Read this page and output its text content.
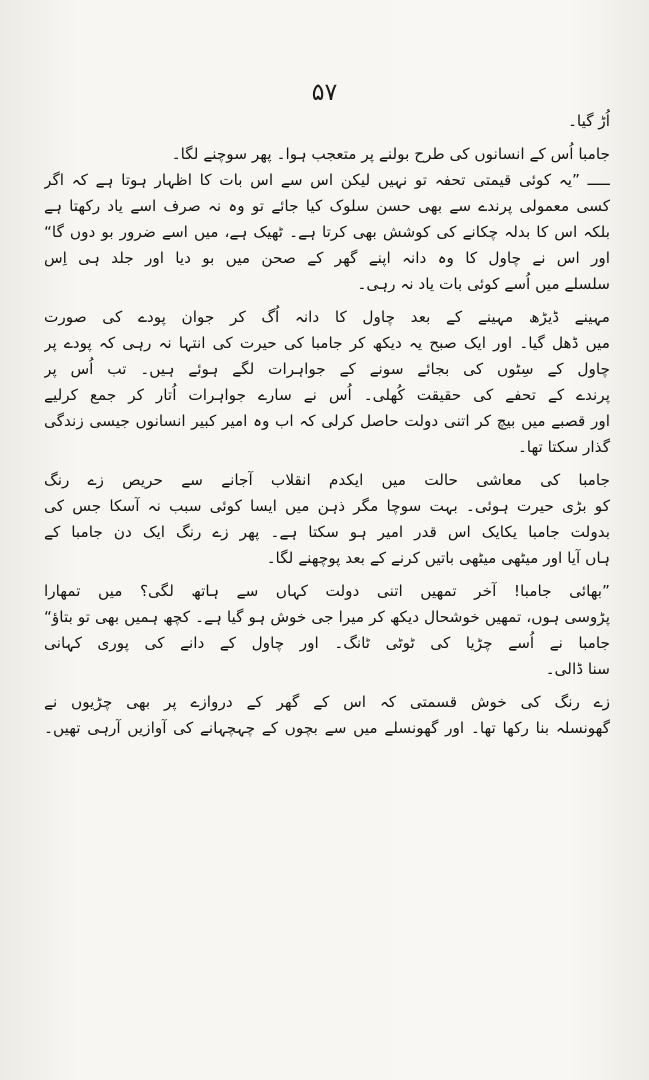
۵۷
اُڑ گیا۔
جامبا اُس کے انسانوں کی طرح بولنے پر متعجب ہوا۔ پھر سوچنے لگا۔
ـــــ ”یہ کوئی قیمتی تحفہ تو نہیں لیکن اس سے اس بات کا اظہار ہوتا ہے کہ اگر
کسی معمولی پرندے سے بھی حسن سلوک کیا جائے تو وہ نہ صرف اسے یاد رکھتا ہے
بلکہ اس کا بدلہ چکانے کی کوشش بھی کرتا ہے۔ ٹھیک ہے، میں اسے ضرور بو دوں گا“
اور اس نے چاول کا وہ دانہ اپنے گھر کے صحن میں بو دیا اور جلد ہی اِس
سلسلے میں اُسے کوئی بات یاد نہ رہی۔
مہینے ڈیڑھ مہینے کے بعد چاول کا دانہ اُگ کر جوان پودے کی صورت
میں ڈھل گیا۔ اور ایک صبح یہ دیکھ کر جامبا کی حیرت کی انتہا نہ رہی کہ پودے پر
چاول کے سِٹوں کی بجائے سونے کے جواہرات لگے ہوئے ہیں۔ تب اُس پر
پرندے کے تحفے کی حقیقت کُھلی۔ اُس نے سارے جواہرات اُتار کر جمع کرلیے
اور قصبے میں بیچ کر اتنی دولت حاصل کرلی کہ اب وہ امیر کبیر انسانوں جیسی زندگی
گذار سکتا تھا۔
جامبا کی معاشی حالت میں ایکدم انقلاب آجانے سے حریص زے رنگ
کو بڑی حیرت ہوئی۔ بہت سوچا مگر ذہن میں ایسا کوئی سبب نہ آسکا جس کی
بدولت جامبا یکایک اس قدر امیر ہو سکتا ہے۔ پھر زے رنگ ایک دن جامبا کے
ہاں آیا اور میٹھی میٹھی باتیں کرنے کے بعد پوچھنے لگا۔
”بھائی جامبا! آخر تمھیں اتنی دولت کہاں سے ہاتھ لگی؟ میں تمھارا
پڑوسی ہوں، تمھیں خوشحال دیکھ کر میرا جی خوش ہو گیا ہے۔ کچھ ہمیں بھی تو بتاؤ“
جامبا نے اُسے چڑیا کی ٹوٹی ٹانگ۔ اور چاول کے دانے کی پوری کہانی
سنا ڈالی۔
زے رنگ کی خوش قسمتی کہ اس کے گھر کے دروازے پر بھی چڑیوں نے
گھونسلہ بنا رکھا تھا۔ اور گھونسلے میں سے بچوں کے چہچہانے کی آوازیں آرہی تھیں۔
